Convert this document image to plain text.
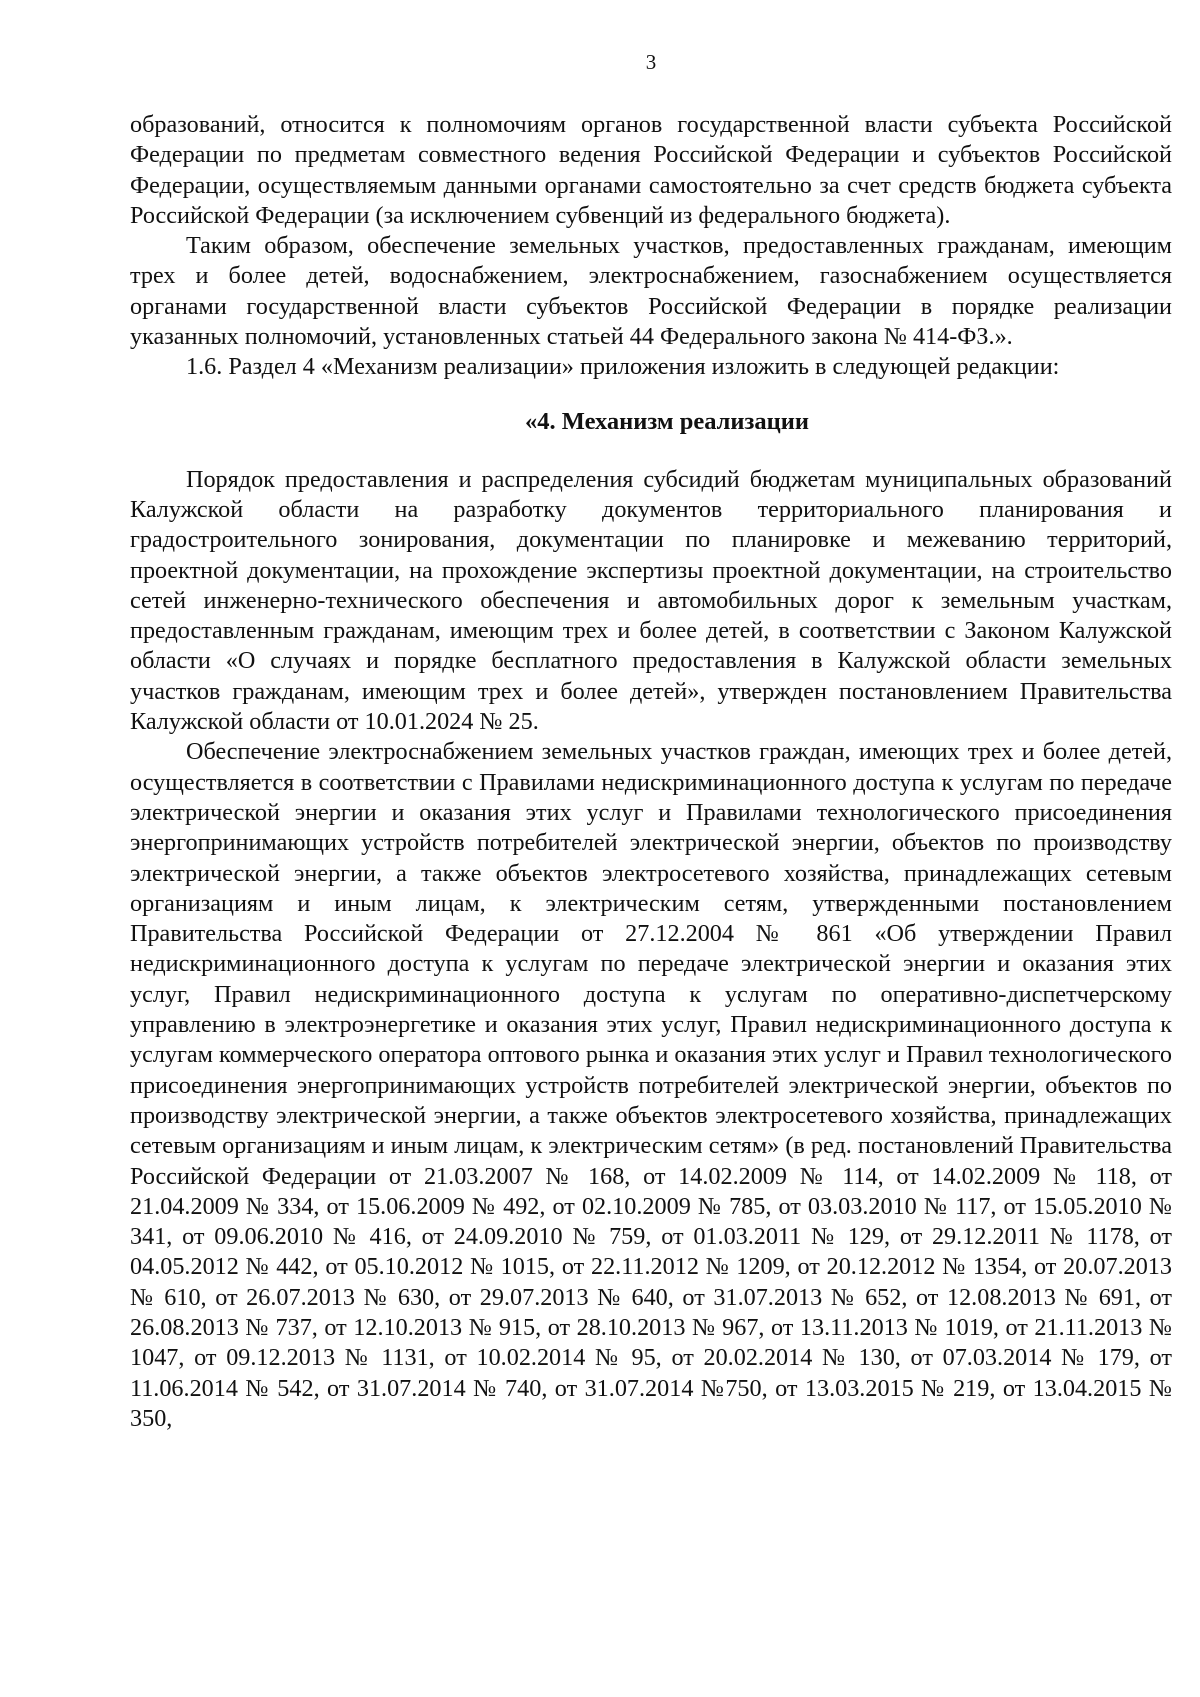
3

образований, относится к полномочиям органов государственной власти субъекта Российской Федерации по предметам совместного ведения Российской Федерации и субъектов Российской Федерации, осуществляемым данными органами самостоятельно за счет средств бюджета субъекта Российской Федерации (за исключением субвенций из федерального бюджета).

Таким образом, обеспечение земельных участков, предоставленных гражданам, имеющим трех и более детей, водоснабжением, электроснабжением, газоснабжением осуществляется органами государственной власти субъектов Российской Федерации в порядке реализации указанных полномочий, установленных статьей 44 Федерального закона № 414-ФЗ.».

1.6. Раздел 4 «Механизм реализации» приложения изложить в следующей редакции:

«4. Механизм реализации

Порядок предоставления и распределения субсидий бюджетам муниципальных образований Калужской области на разработку документов территориального планирования и градостроительного зонирования, документации по планировке и межеванию территорий, проектной документации, на прохождение экспертизы проектной документации, на строительство сетей инженерно-технического обеспечения и автомобильных дорог к земельным участкам, предоставленным гражданам, имеющим трех и более детей, в соответствии с Законом Калужской области «О случаях и порядке бесплатного предоставления в Калужской области земельных участков гражданам, имеющим трех и более детей», утвержден постановлением Правительства Калужской области от 10.01.2024 № 25.

Обеспечение электроснабжением земельных участков граждан, имеющих трех и более детей, осуществляется в соответствии с Правилами недискриминационного доступа к услугам по передаче электрической энергии и оказания этих услуг и Правилами технологического присоединения энергопринимающих устройств потребителей электрической энергии, объектов по производству электрической энергии, а также объектов электросетевого хозяйства, принадлежащих сетевым организациям и иным лицам, к электрическим сетям, утвержденными постановлением Правительства Российской Федерации от 27.12.2004 № 861 «Об утверждении Правил недискриминационного доступа к услугам по передаче электрической энергии и оказания этих услуг, Правил недискриминационного доступа к услугам по оперативно-диспетчерскому управлению в электроэнергетике и оказания этих услуг, Правил недискриминационного доступа к услугам коммерческого оператора оптового рынка и оказания этих услуг и Правил технологического присоединения энергопринимающих устройств потребителей электрической энергии, объектов по производству электрической энергии, а также объектов электросетевого хозяйства, принадлежащих сетевым организациям и иным лицам, к электрическим сетям» (в ред. постановлений Правительства Российской Федерации от 21.03.2007 № 168, от 14.02.2009 № 114, от 14.02.2009 № 118, от 21.04.2009 № 334, от 15.06.2009 № 492, от 02.10.2009 № 785, от 03.03.2010 № 117, от 15.05.2010 № 341, от 09.06.2010 № 416, от 24.09.2010 № 759, от 01.03.2011 № 129, от 29.12.2011 № 1178, от 04.05.2012 № 442, от 05.10.2012 № 1015, от 22.11.2012 № 1209, от 20.12.2012 № 1354, от 20.07.2013 № 610, от 26.07.2013 № 630, от 29.07.2013 № 640, от 31.07.2013 № 652, от 12.08.2013 № 691, от 26.08.2013 № 737, от 12.10.2013 № 915, от 28.10.2013 № 967, от 13.11.2013 № 1019, от 21.11.2013 № 1047, от 09.12.2013 № 1131, от 10.02.2014 № 95, от 20.02.2014 № 130, от 07.03.2014 № 179, от 11.06.2014 № 542, от 31.07.2014 № 740, от 31.07.2014 №750, от 13.03.2015 № 219, от 13.04.2015 № 350,
